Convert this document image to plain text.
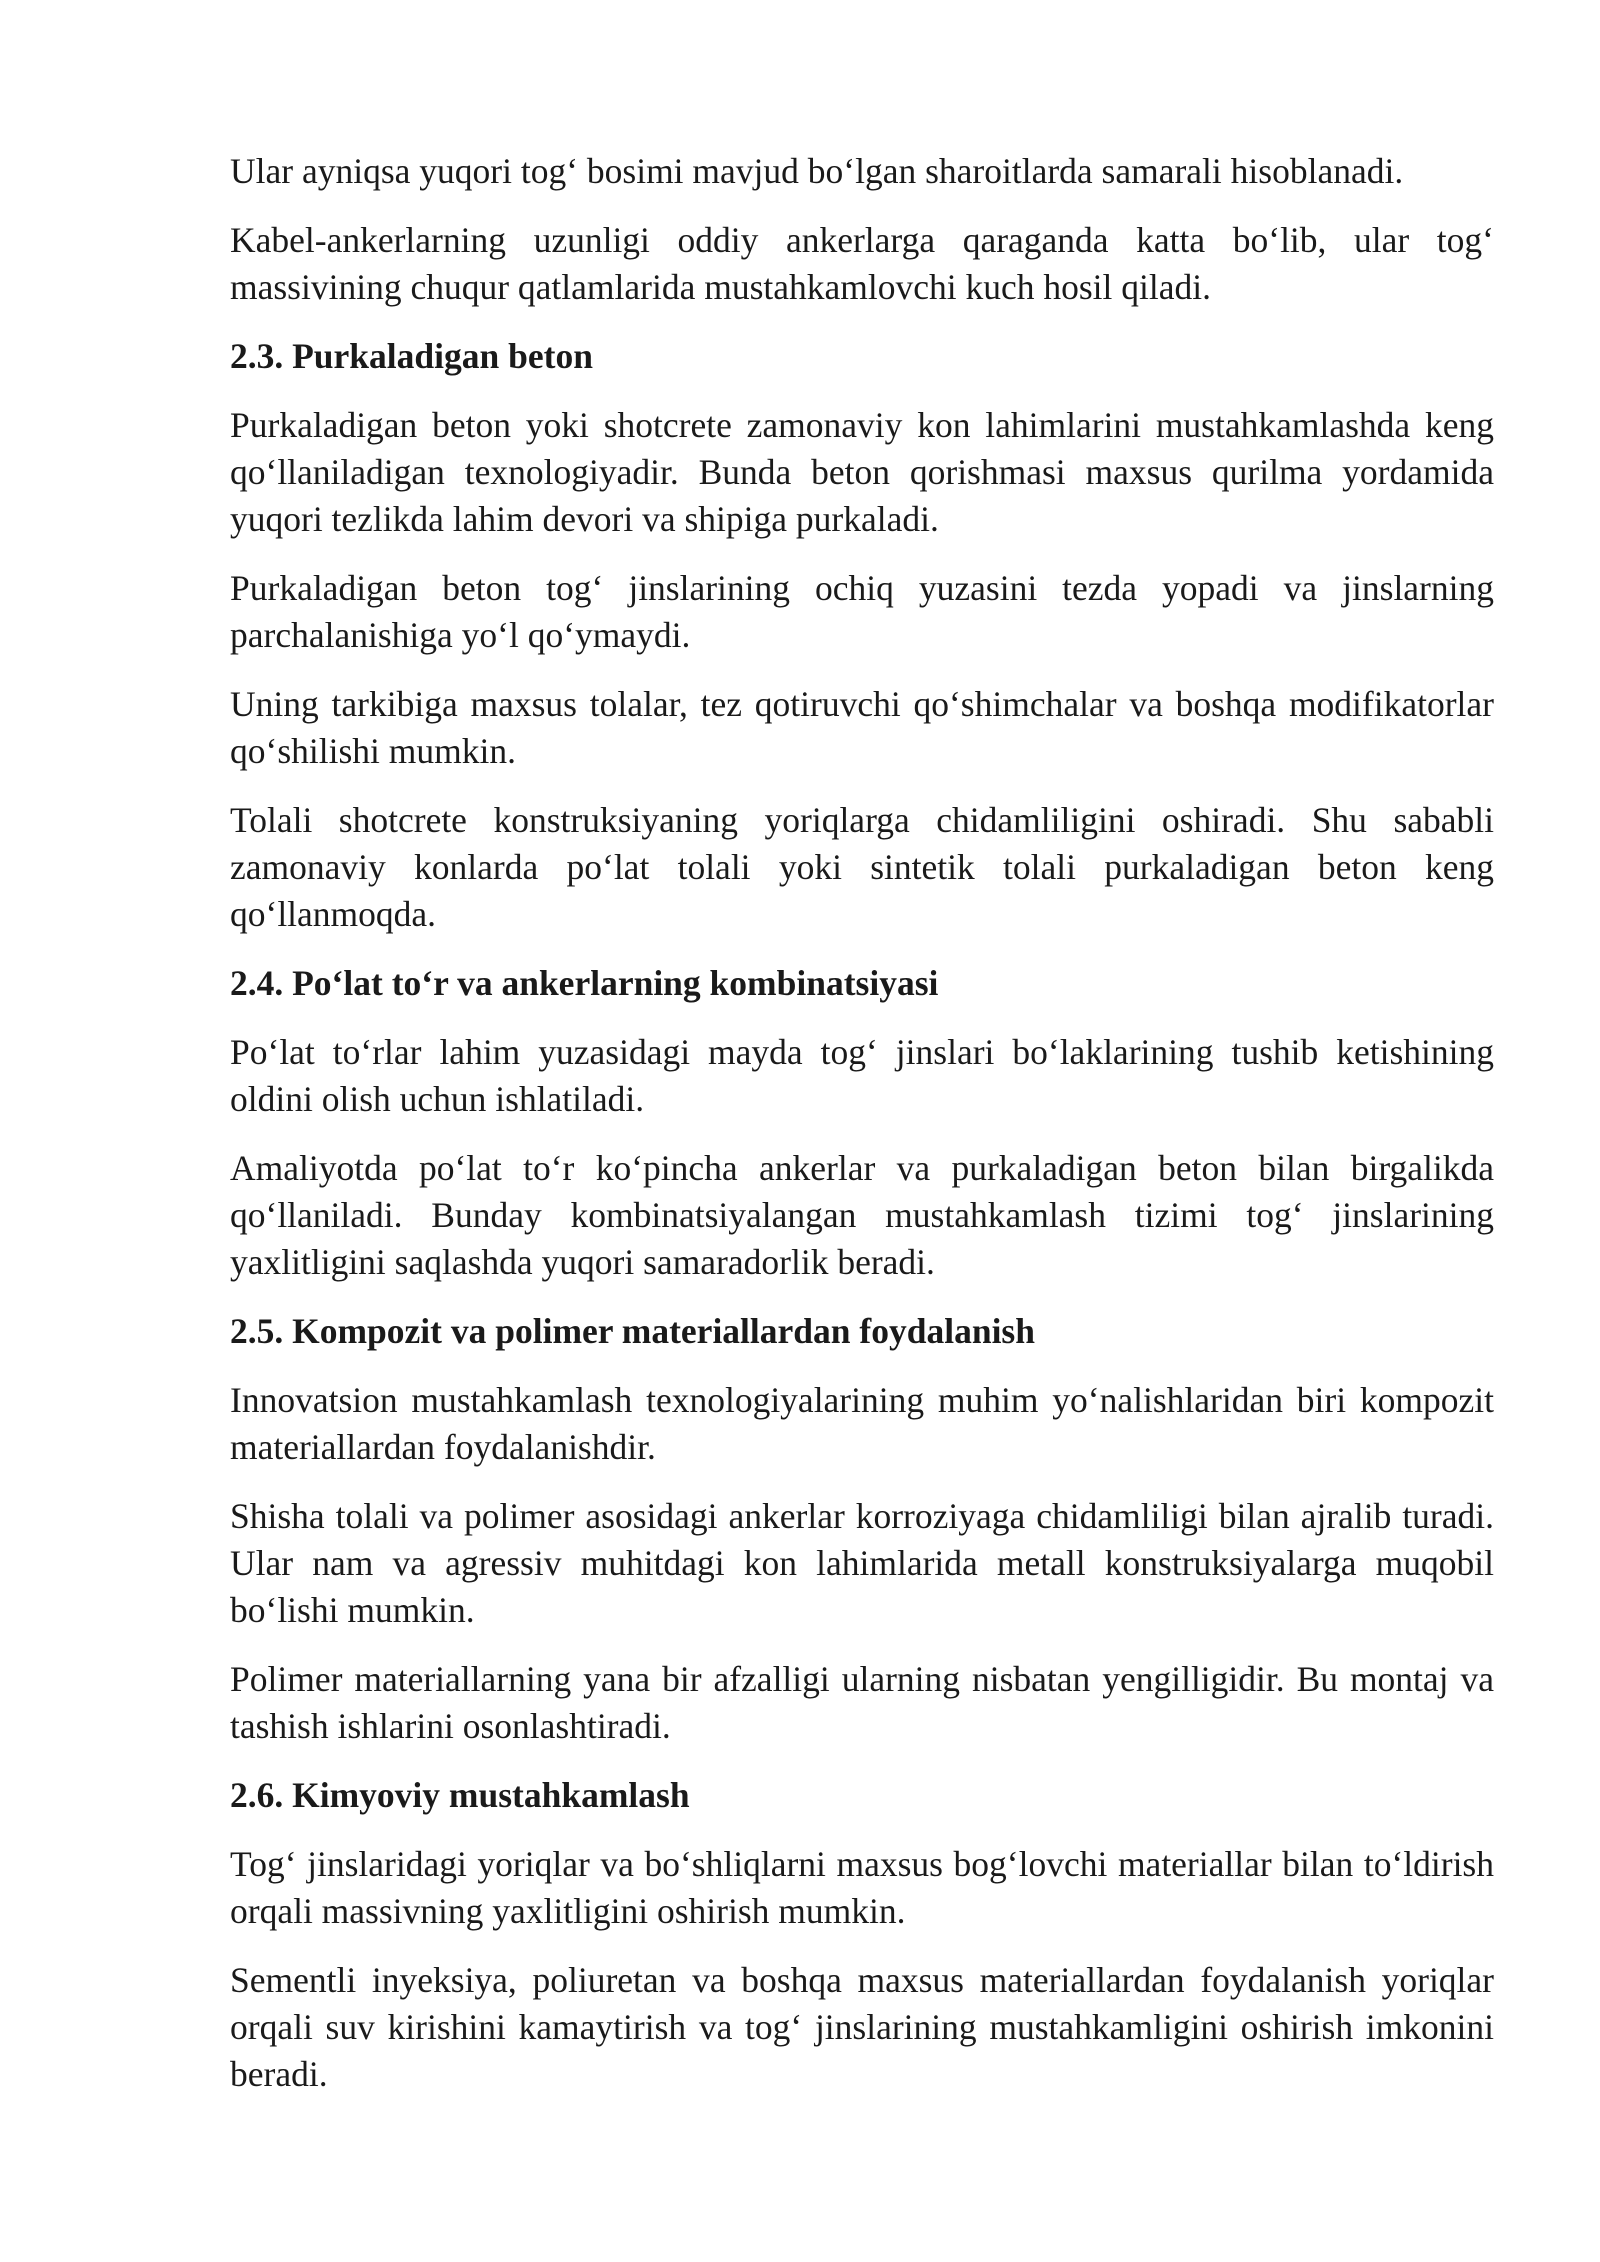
Ular ayniqsa yuqori tog‘ bosimi mavjud bo‘lgan sharoitlarda samarali hisoblanadi.

Kabel-ankerlarning uzunligi oddiy ankerlarga qaraganda katta bo‘lib, ular tog‘ massivining chuqur qatlamlarida mustahkamlovchi kuch hosil qiladi.

2.3. Purkaladigan beton

Purkaladigan beton yoki shotcrete zamonaviy kon lahimlarini mustahkamlashda keng qo‘llaniladigan texnologiyadir. Bunda beton qorishmasi maxsus qurilma yordamida yuqori tezlikda lahim devori va shipiga purkaladi.

Purkaladigan beton tog‘ jinslarining ochiq yuzasini tezda yopadi va jinslarning parchalanishiga yo‘l qo‘ymaydi.

Uning tarkibiga maxsus tolalar, tez qotiruvchi qo‘shimchalar va boshqa modifikatorlar qo‘shilishi mumkin.

Tolali shotcrete konstruksiyaning yoriqlarga chidamliligini oshiradi. Shu sababli zamonaviy konlarda po‘lat tolali yoki sintetik tolali purkaladigan beton keng qo‘llanmoqda.

2.4. Po‘lat to‘r va ankerlarning kombinatsiyasi

Po‘lat to‘rlar lahim yuzasidagi mayda tog‘ jinslari bo‘laklarining tushib ketishining oldini olish uchun ishlatiladi.

Amaliyotda po‘lat to‘r ko‘pincha ankerlar va purkaladigan beton bilan birgalikda qo‘llaniladi. Bunday kombinatsiyalangan mustahkamlash tizimi tog‘ jinslarining yaxlitligini saqlashda yuqori samaradorlik beradi.

2.5. Kompozit va polimer materiallardan foydalanish

Innovatsion mustahkamlash texnologiyalarining muhim yo‘nalishlaridan biri kompozit materiallardan foydalanishdir.

Shisha tolali va polimer asosidagi ankerlar korroziyaga chidamliligi bilan ajralib turadi. Ular nam va agressiv muhitdagi kon lahimlarida metall konstruksiyalarga muqobil bo‘lishi mumkin.

Polimer materiallarning yana bir afzalligi ularning nisbatan yengilligidir. Bu montaj va tashish ishlarini osonlashtiradi.

2.6. Kimyoviy mustahkamlash

Tog‘ jinslaridagi yoriqlar va bo‘shliqlarni maxsus bog‘lovchi materiallar bilan to‘ldirish orqali massivning yaxlitligini oshirish mumkin.

Sementli inyeksiya, poliuretan va boshqa maxsus materiallardan foydalanish yoriqlar orqali suv kirishini kamaytirish va tog‘ jinslarining mustahkamligini oshirish imkonini beradi.
